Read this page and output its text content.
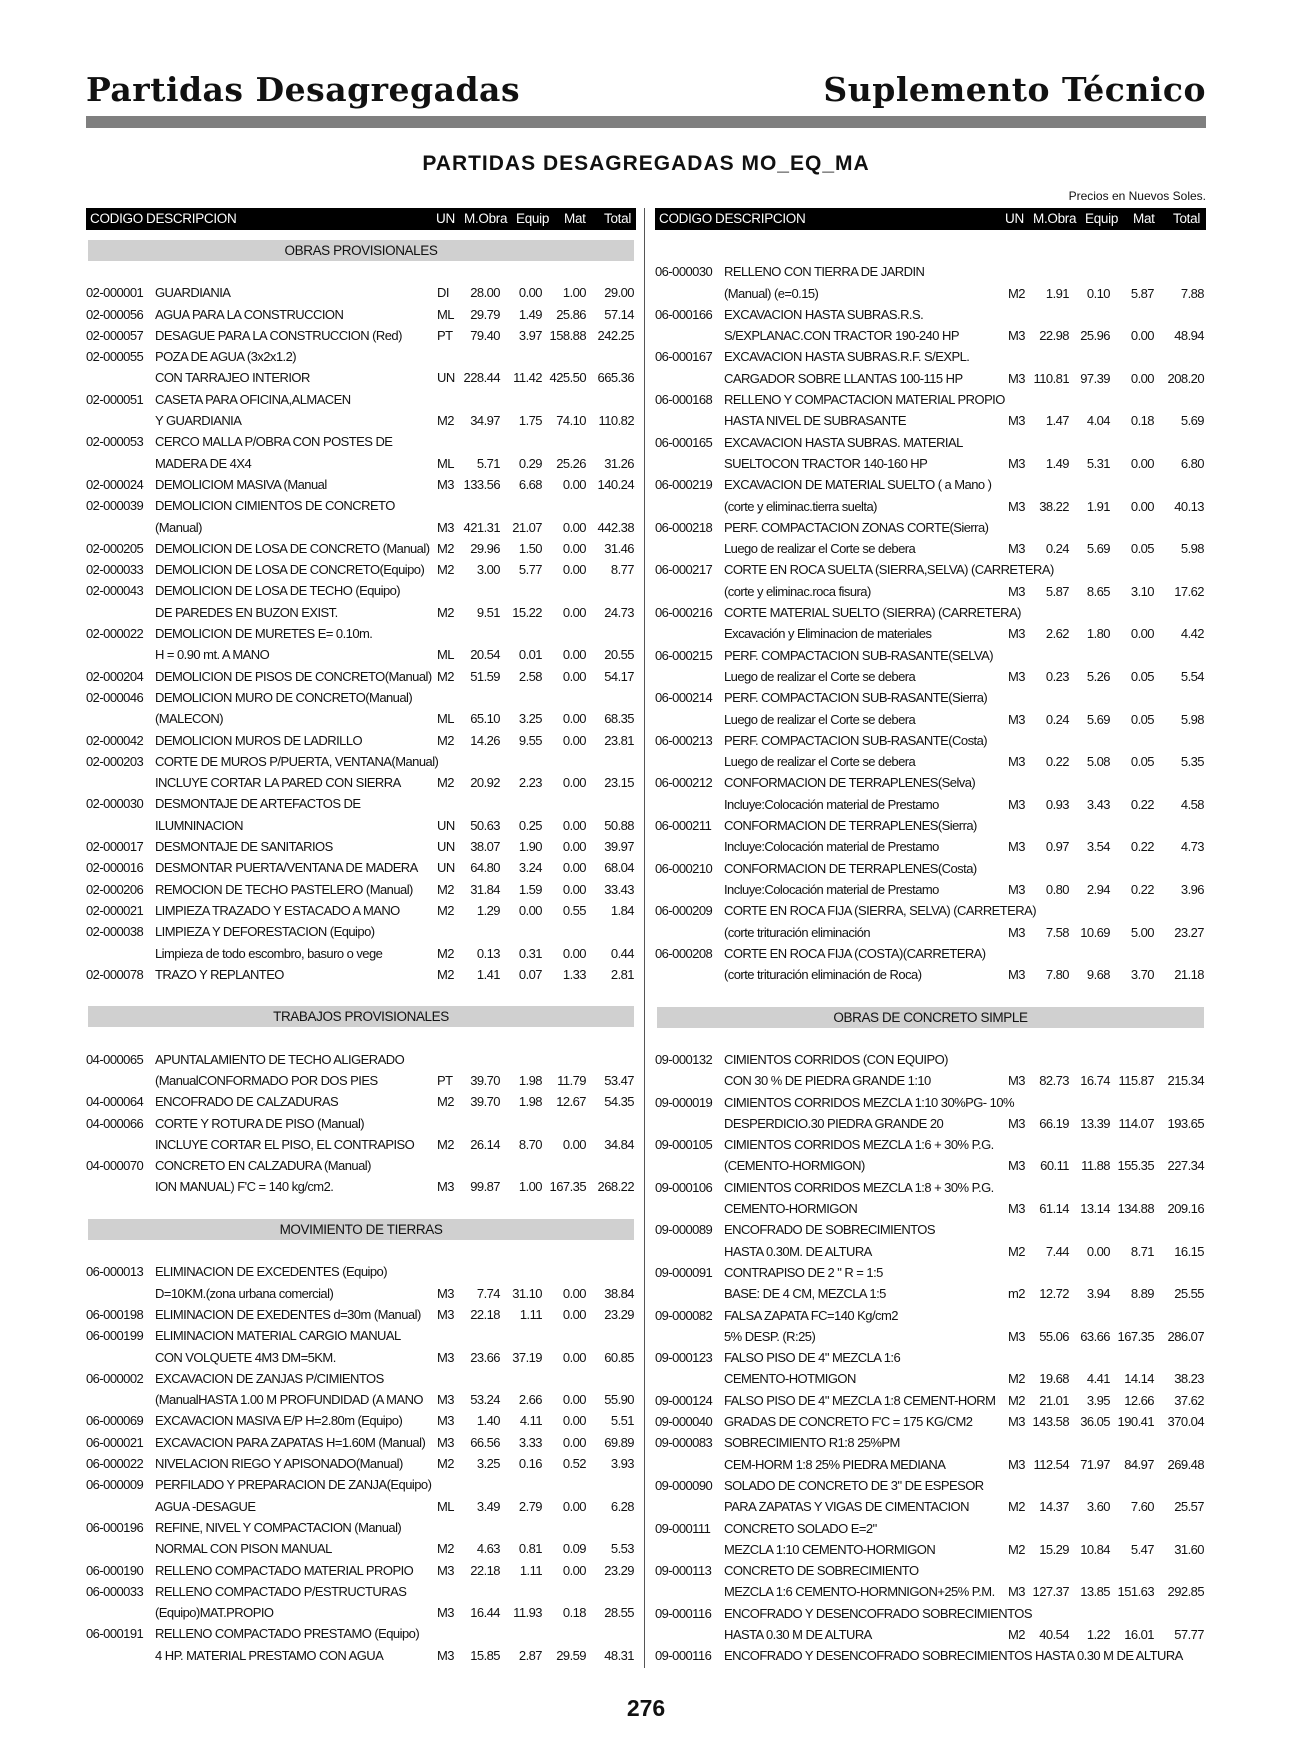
Partidas Desagregadas	Suplemento Técnico
PARTIDAS DESAGREGADAS MO_EQ_MA
Precios en Nuevos Soles.
CODIGO DESCRIPCION	UN M.Obra Equip Mat Total
OBRAS PROVISIONALES
02-000001 GUARDIANIA	DI 28.00 0.00 1.00 29.00
02-000056 AGUA PARA LA CONSTRUCCION	ML 29.79 1.49 25.86 57.14
02-000057 DESAGUE PARA LA CONSTRUCCION (Red)	PT 79.40 3.97 158.88 242.25
02-000055 POZA DE AGUA (3x2x1.2)
CON TARRAJEO INTERIOR	UN 228.44 11.42 425.50 665.36
02-000051 CASETA PARA OFICINA,ALMACEN
Y GUARDIANIA	M2 34.97 1.75 74.10 110.82
02-000053 CERCO MALLA P/OBRA CON POSTES DE
MADERA DE 4X4	ML 5.71 0.29 25.26 31.26
02-000024 DEMOLICIOM MASIVA (Manual	M3 133.56 6.68 0.00 140.24
02-000039 DEMOLICION CIMIENTOS DE CONCRETO
(Manual)	M3 421.31 21.07 0.00 442.38
02-000205 DEMOLICION DE LOSA DE CONCRETO (Manual) M2 29.96 1.50 0.00 31.46
02-000033 DEMOLICION DE LOSA DE CONCRETO(Equipo) M2 3.00 5.77 0.00 8.77
02-000043 DEMOLICION DE LOSA DE TECHO (Equipo)
DE PAREDES EN BUZON EXIST.	M2 9.51 15.22 0.00 24.73
02-000022 DEMOLICION DE MURETES E= 0.10m.
H = 0.90 mt. A MANO	ML 20.54 0.01 0.00 20.55
02-000204 DEMOLICION DE PISOS DE CONCRETO(Manual) M2 51.59 2.58 0.00 54.17
02-000046 DEMOLICION MURO DE CONCRETO(Manual)
(MALECON)	ML 65.10 3.25 0.00 68.35
02-000042 DEMOLICION MUROS DE LADRILLO	M2 14.26 9.55 0.00 23.81
02-000203 CORTE DE MUROS P/PUERTA, VENTANA(Manual)
INCLUYE CORTAR LA PARED CON SIERRA	M2 20.92 2.23 0.00 23.15
02-000030 DESMONTAJE DE ARTEFACTOS DE
ILUMNINACION	UN 50.63 0.25 0.00 50.88
02-000017 DESMONTAJE DE SANITARIOS	UN 38.07 1.90 0.00 39.97
02-000016 DESMONTAR PUERTA/VENTANA DE MADERA UN 64.80 3.24 0.00 68.04
02-000206 REMOCION DE TECHO PASTELERO (Manual) M2 31.84 1.59 0.00 33.43
02-000021 LIMPIEZA TRAZADO Y ESTACADO A MANO	M2 1.29 0.00 0.55 1.84
02-000038 LIMPIEZA Y DEFORESTACION (Equipo)
Limpieza de todo escombro, basuro o vege	M2 0.13 0.31 0.00 0.44
02-000078 TRAZO Y REPLANTEO	M2 1.41 0.07 1.33 2.81
TRABAJOS PROVISIONALES
04-000065 APUNTALAMIENTO DE TECHO ALIGERADO
(ManualCONFORMADO POR DOS PIES	PT 39.70 1.98 11.79 53.47
04-000064 ENCOFRADO DE CALZADURAS	M2 39.70 1.98 12.67 54.35
04-000066 CORTE Y ROTURA DE PISO (Manual)
INCLUYE CORTAR EL PISO, EL CONTRAPISO M2 26.14 8.70 0.00 34.84
04-000070 CONCRETO EN CALZADURA (Manual)
ION MANUAL) F'C = 140 kg/cm2.	M3 99.87 1.00 167.35 268.22
MOVIMIENTO DE TIERRAS
06-000013 ELIMINACION DE EXCEDENTES (Equipo)
D=10KM.(zona urbana comercial)	M3 7.74 31.10 0.00 38.84
06-000198 ELIMINACION DE EXEDENTES d=30m (Manual) M3 22.18 1.11 0.00 23.29
06-000199 ELIMINACION MATERIAL CARGIO MANUAL
CON VOLQUETE 4M3 DM=5KM.	M3 23.66 37.19 0.00 60.85
06-000002 EXCAVACION DE ZANJAS P/CIMIENTOS
(ManualHASTA 1.00 M PROFUNDIDAD (A MANO M3 53.24 2.66 0.00 55.90
06-000069 EXCAVACION MASIVA E/P H=2.80m (Equipo)	M3 1.40 4.11 0.00 5.51
06-000021 EXCAVACION PARA ZAPATAS H=1.60M (Manual) M3 66.56 3.33 0.00 69.89
06-000022 NIVELACION RIEGO Y APISONADO(Manual)	M2 3.25 0.16 0.52 3.93
06-000009 PERFILADO Y PREPARACION DE ZANJA(Equipo)
AGUA -DESAGUE	ML 3.49 2.79 0.00 6.28
06-000196 REFINE, NIVEL Y COMPACTACION (Manual)
NORMAL CON PISON MANUAL	M2 4.63 0.81 0.09 5.53
06-000190 RELLENO COMPACTADO MATERIAL PROPIO M3 22.18 1.11 0.00 23.29
06-000033 RELLENO COMPACTADO P/ESTRUCTURAS
(Equipo)MAT.PROPIO	M3 16.44 11.93 0.18 28.55
06-000191 RELLENO COMPACTADO PRESTAMO (Equipo)
4 HP. MATERIAL PRESTAMO CON AGUA	M3 15.85 2.87 29.59 48.31
CODIGO DESCRIPCION	UN M.Obra Equip Mat Total
06-000030 RELLENO CON TIERRA DE JARDIN
(Manual) (e=0.15)	M2 1.91 0.10 5.87 7.88
06-000166 EXCAVACION HASTA SUBRAS.R.S.
S/EXPLANAC.CON TRACTOR 190-240 HP	M3 22.98 25.96 0.00 48.94
06-000167 EXCAVACION HASTA SUBRAS.R.F. S/EXPL.
CARGADOR SOBRE LLANTAS 100-115 HP	M3 110.81 97.39 0.00 208.20
06-000168 RELLENO Y COMPACTACION MATERIAL PROPIO
HASTA NIVEL DE SUBRASANTE	M3 1.47 4.04 0.18 5.69
06-000165 EXCAVACION HASTA SUBRAS. MATERIAL
SUELTOCON TRACTOR 140-160 HP	M3 1.49 5.31 0.00 6.80
06-000219 EXCAVACION DE MATERIAL SUELTO ( a Mano )
(corte y eliminac.tierra suelta)	M3 38.22 1.91 0.00 40.13
06-000218 PERF. COMPACTACION ZONAS CORTE(Sierra)
Luego de realizar el Corte se debera	M3 0.24 5.69 0.05 5.98
06-000217 CORTE EN ROCA SUELTA (SIERRA,SELVA) (CARRETERA)
(corte y eliminac.roca fisura)	M3 5.87 8.65 3.10 17.62
06-000216 CORTE MATERIAL SUELTO (SIERRA) (CARRETERA)
Excavación y Eliminacion de materiales	M3 2.62 1.80 0.00 4.42
06-000215 PERF. COMPACTACION SUB-RASANTE(SELVA)
Luego de realizar el Corte se debera	M3 0.23 5.26 0.05 5.54
06-000214 PERF. COMPACTACION SUB-RASANTE(Sierra)
Luego de realizar el Corte se debera	M3 0.24 5.69 0.05 5.98
06-000213 PERF. COMPACTACION SUB-RASANTE(Costa)
Luego de realizar el Corte se debera	M3 0.22 5.08 0.05 5.35
06-000212 CONFORMACION DE TERRAPLENES(Selva)
Incluye:Colocación material de Prestamo	M3 0.93 3.43 0.22 4.58
06-000211 CONFORMACION DE TERRAPLENES(Sierra)
Incluye:Colocación material de Prestamo	M3 0.97 3.54 0.22 4.73
06-000210 CONFORMACION DE TERRAPLENES(Costa)
Incluye:Colocación material de Prestamo	M3 0.80 2.94 0.22 3.96
06-000209 CORTE EN ROCA FIJA (SIERRA, SELVA) (CARRETERA)
(corte trituración eliminación	M3 7.58 10.69 5.00 23.27
06-000208 CORTE EN ROCA FIJA (COSTA)(CARRETERA)
(corte trituración eliminación de Roca)	M3 7.80 9.68 3.70 21.18
OBRAS DE CONCRETO SIMPLE
09-000132 CIMIENTOS CORRIDOS (CON EQUIPO)
CON 30 % DE PIEDRA GRANDE 1:10	M3 82.73 16.74 115.87 215.34
09-000019 CIMIENTOS CORRIDOS MEZCLA 1:10 30%PG- 10%
DESPERDICIO.30 PIEDRA GRANDE 20	M3 66.19 13.39 114.07 193.65
09-000105 CIMIENTOS CORRIDOS MEZCLA 1:6 + 30% P.G.
(CEMENTO-HORMIGON)	M3 60.11 11.88 155.35 227.34
09-000106 CIMIENTOS CORRIDOS MEZCLA 1:8 + 30% P.G.
CEMENTO-HORMIGON	M3 61.14 13.14 134.88 209.16
09-000089 ENCOFRADO DE SOBRECIMIENTOS
HASTA 0.30M. DE ALTURA	M2 7.44 0.00 8.71 16.15
09-000091 CONTRAPISO DE 2 " R = 1:5
BASE: DE 4 CM, MEZCLA 1:5	m2 12.72 3.94 8.89 25.55
09-000082 FALSA ZAPATA FC=140 Kg/cm2
5% DESP. (R:25)	M3 55.06 63.66 167.35 286.07
09-000123 FALSO PISO DE 4" MEZCLA 1:6
CEMENTO-HOTMIGON	M2 19.68 4.41 14.14 38.23
09-000124 FALSO PISO DE 4" MEZCLA 1:8 CEMENT-HORM M2 21.01 3.95 12.66 37.62
09-000040 GRADAS DE CONCRETO F'C = 175 KG/CM2	M3 143.58 36.05 190.41 370.04
09-000083 SOBRECIMIENTO R1:8 25%PM
CEM-HORM 1:8 25% PIEDRA MEDIANA	M3 112.54 71.97 84.97 269.48
09-000090 SOLADO DE CONCRETO DE 3" DE ESPESOR
PARA ZAPATAS Y VIGAS DE CIMENTACION	M2 14.37 3.60 7.60 25.57
09-000111 CONCRETO SOLADO E=2"
MEZCLA 1:10 CEMENTO-HORMIGON	M2 15.29 10.84 5.47 31.60
09-000113 CONCRETO DE SOBRECIMIENTO
MEZCLA 1:6 CEMENTO-HORMNIGON+25% P.M. M3 127.37 13.85 151.63 292.85
09-000116 ENCOFRADO Y DESENCOFRADO SOBRECIMIENTOS
HASTA 0.30 M DE ALTURA	M2 40.54 1.22 16.01 57.77
09-000116 ENCOFRADO Y DESENCOFRADO SOBRECIMIENTOS HASTA 0.30 M DE ALTURA
276
